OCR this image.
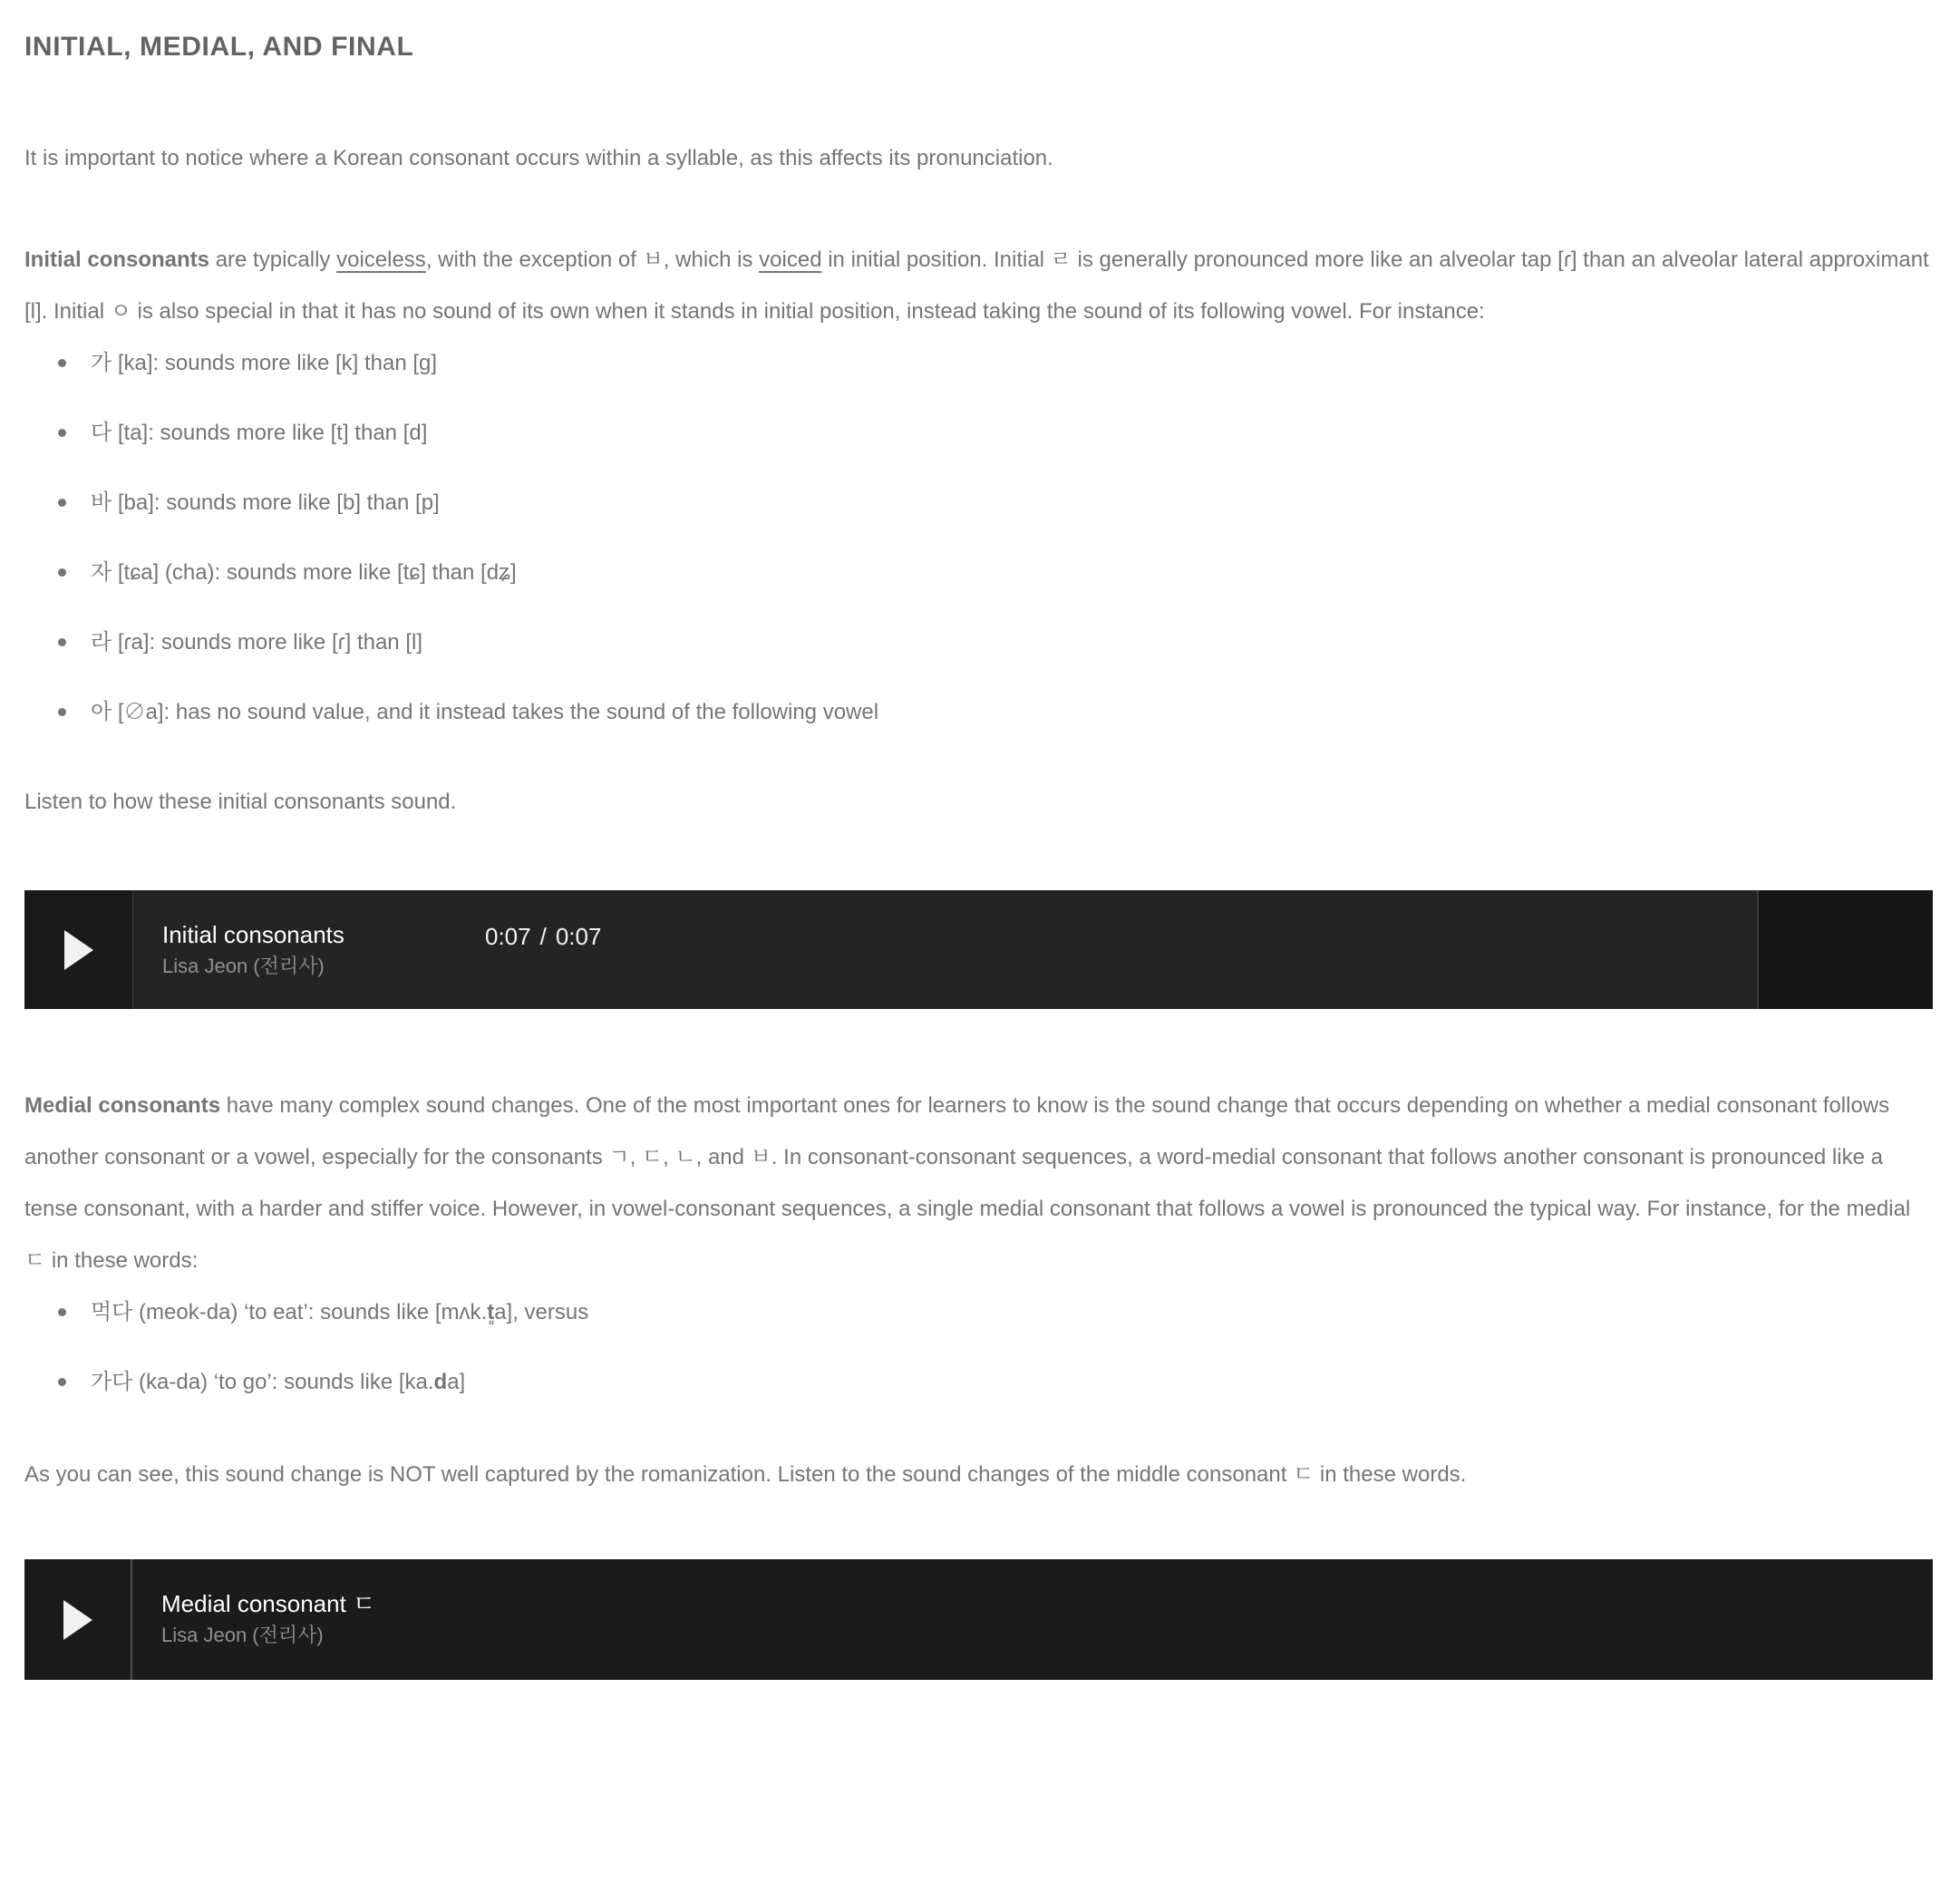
INITIAL, MEDIAL, AND FINAL

It is important to notice where a Korean consonant occurs within a syllable, as this affects its pronunciation.

Initial consonants are typically voiceless, with the exception of ㅂ, which is voiced in initial position. Initial ㄹ is generally pronounced more like an alveolar tap [ɾ] than an alveolar lateral approximant [l]. Initial ㅇ is also special in that it has no sound of its own when it stands in initial position, instead taking the sound of its following vowel. For instance:

가 [ka]: sounds more like [k] than [g]
다 [ta]: sounds more like [t] than [d]
바 [ba]: sounds more like [b] than [p]
자 [tɕa] (cha): sounds more like [tɕ] than [dʑ]
라 [ɾa]: sounds more like [ɾ] than [l]
아 [∅a]: has no sound value, and it instead takes the sound of the following vowel

Listen to how these initial consonants sound.

Initial consonants
Lisa Jeon (전리사)
0:07 / 0:07

Medial consonants have many complex sound changes. One of the most important ones for learners to know is the sound change that occurs depending on whether a medial consonant follows another consonant or a vowel, especially for the consonants ㄱ, ㄷ, ㄴ, and ㅂ. In consonant-consonant sequences, a word-medial consonant that follows another consonant is pronounced like a tense consonant, with a harder and stiffer voice. However, in vowel-consonant sequences, a single medial consonant that follows a vowel is pronounced the typical way. For instance, for the medial ㄷ in these words:

먹다 (meok-da) ‘to eat’: sounds like [mʌk.t͈a], versus
가다 (ka-da) ‘to go’: sounds like [ka.da]

As you can see, this sound change is NOT well captured by the romanization. Listen to the sound changes of the middle consonant ㄷ in these words.

Medial consonant ㄷ
Lisa Jeon (전리사)
